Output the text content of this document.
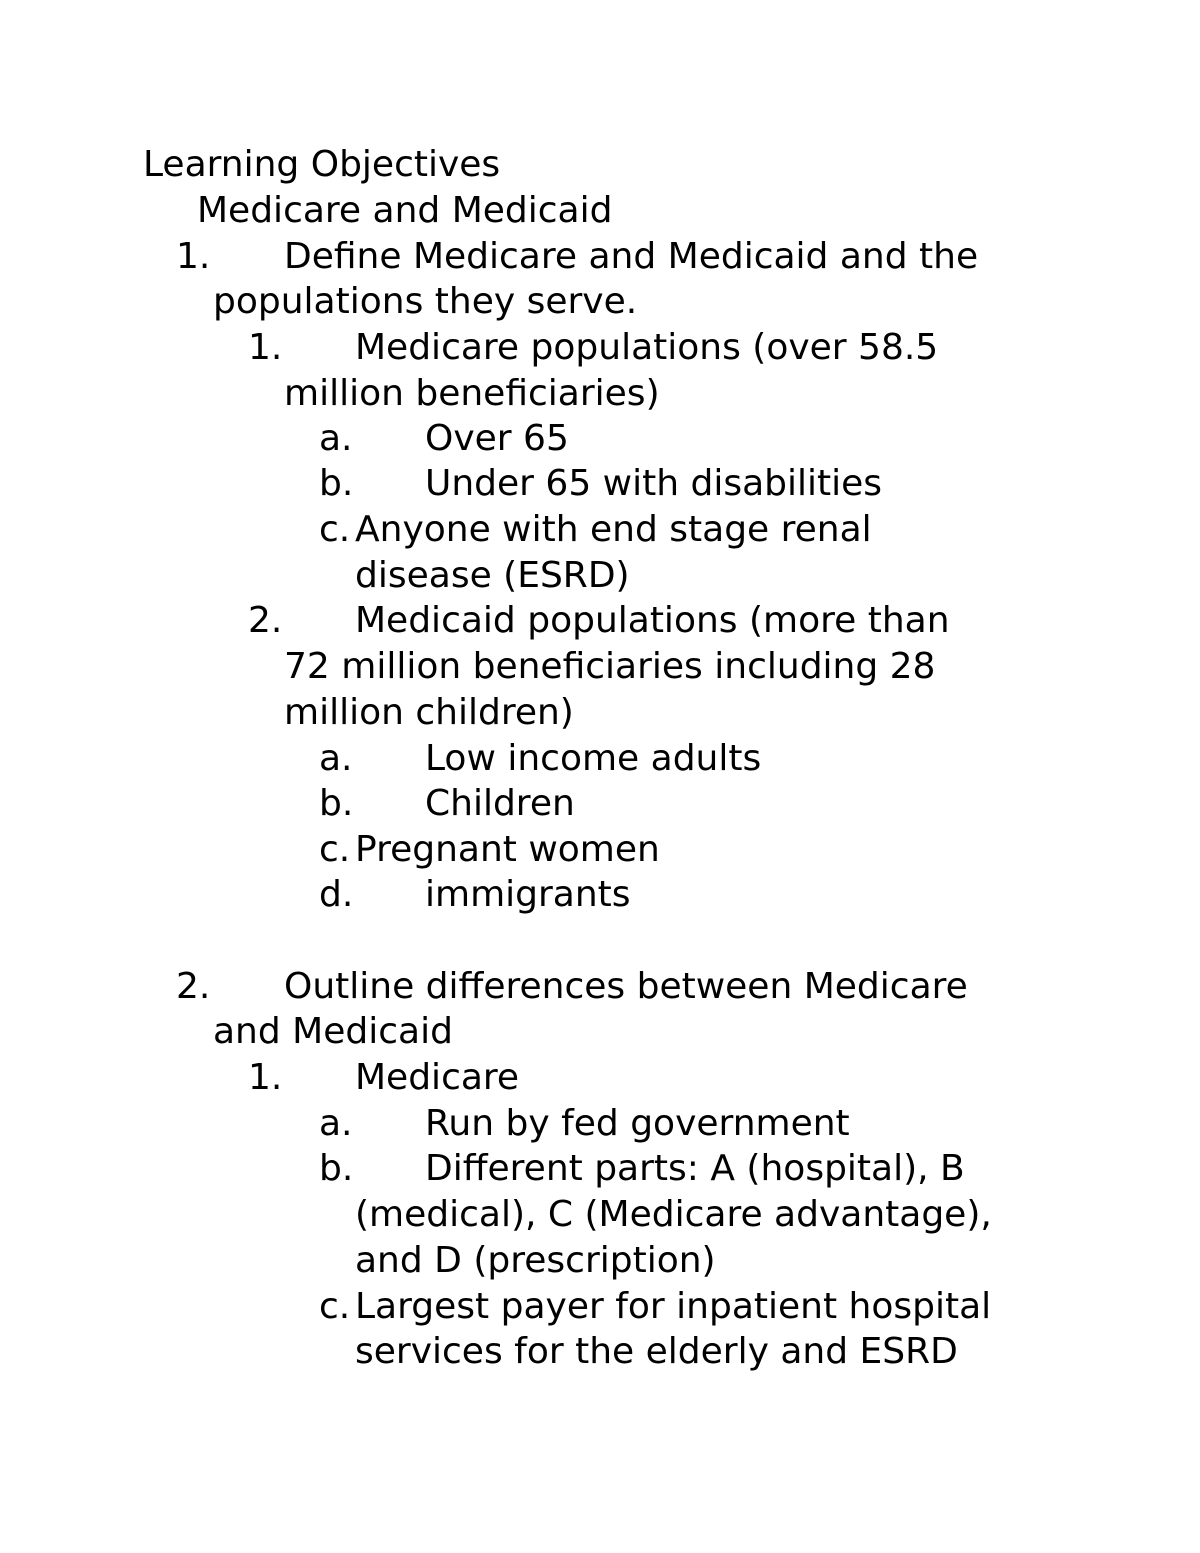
Learning Objectives
Medicare and Medicaid
1. Define Medicare and Medicaid and the
populations they serve.
1. Medicare populations (over 58.5
million beneficiaries)
a. Over 65
b. Under 65 with disabilities
c. Anyone with end stage renal
disease (ESRD)
2. Medicaid populations (more than
72 million beneficiaries including 28
million children)
a. Low income adults
b. Children
c. Pregnant women
d. immigrants
2. Outline differences between Medicare
and Medicaid
1. Medicare
a. Run by fed government
b. Different parts: A (hospital), B
(medical), C (Medicare advantage),
and D (prescription)
c. Largest payer for inpatient hospital
services for the elderly and ESRD
